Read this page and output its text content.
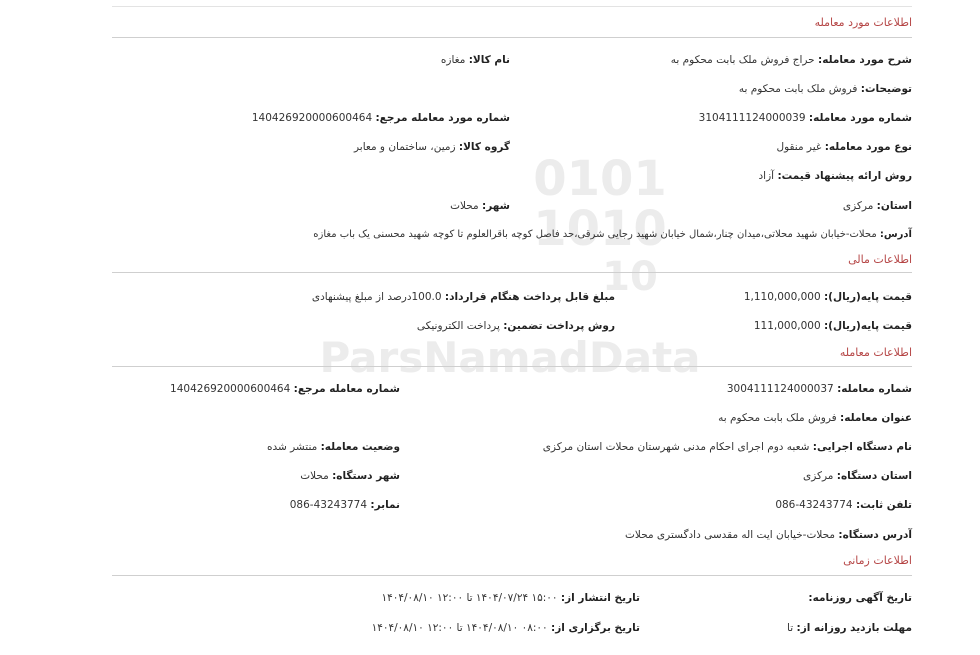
0101
1010
10
ParsNamadData
اطلاعات مورد معامله
شرح مورد معامله: حراج فروش ملک بابت محکوم به
نام کالا: مغازه
توضیحات: فروش ملک بابت محکوم به
شماره مورد معامله: 3104111124000039
شماره مورد معامله مرجع: 140426920000600464
نوع مورد معامله: غیر منقول
گروه کالا: زمین، ساختمان و معابر
روش ارائه پیشنهاد قیمت: آزاد
استان: مرکزی
شهر: محلات
آدرس: محلات-خیابان شهید محلاتی،میدان چنار،شمال خیابان شهید رجایی شرقی،حد فاصل کوچه باقرالعلوم تا کوچه شهید محسنی یک باب مغازه
اطلاعات مالی
قیمت پایه(ریال): 1,110,000,000
مبلغ قابل پرداخت هنگام قرارداد: 100.0درصد از مبلغ پیشنهادی
قیمت پایه(ریال): 111,000,000
روش پرداخت تضمین: پرداخت الکترونیکی
اطلاعات معامله
شماره معامله: 3004111124000037
شماره معامله مرجع: 140426920000600464
عنوان معامله: فروش ملک بابت محکوم به
نام دستگاه اجرایی: شعبه دوم اجرای احکام مدنی شهرستان محلات استان مرکزی
وضعیت معامله: منتشر شده
استان دستگاه: مرکزی
شهر دستگاه: محلات
تلفن ثابت: 43243774-086
نمابر: 43243774-086
آدرس دستگاه: محلات-خیابان ایت اله مقدسی دادگستری محلات
اطلاعات زمانی
تاریخ آگهی روزنامه:
تاریخ انتشار از: ۱۵:۰۰ ۱۴۰۴/۰۷/۲۴ تا ۱۲:۰۰ ۱۴۰۴/۰۸/۱۰
مهلت بازدید روزانه از: تا
تاریخ برگزاری از: ۰۸:۰۰ ۱۴۰۴/۰۸/۱۰ تا ۱۲:۰۰ ۱۴۰۴/۰۸/۱۰
